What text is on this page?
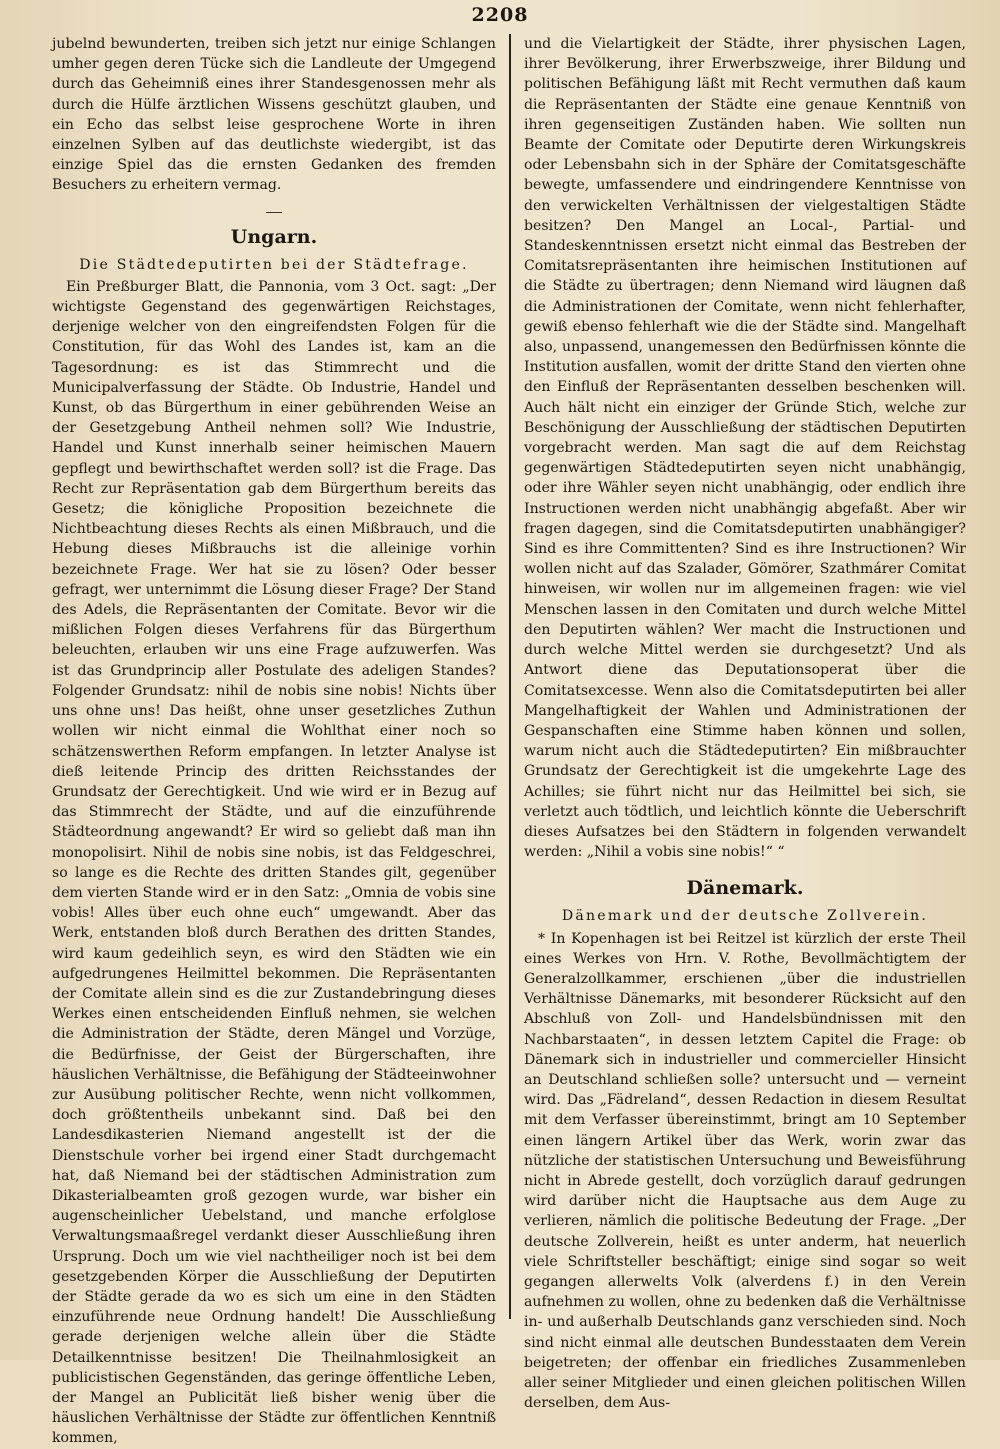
2208

jubelnd bewunderten, treiben sich jetzt nur einige Schlangen umher gegen deren Tücke sich die Landleute der Umgegend durch das Geheimniß eines ihrer Standesgenossen mehr als durch die Hülfe ärztlichen Wissens geschützt glauben, und ein Echo das selbst leise gesprochene Worte in ihren einzelnen Sylben auf das deutlichste wiedergibt, ist das einzige Spiel das die ernsten Gedanken des fremden Besuchers zu erheitern vermag.

Ungarn.
Die Städtedeputirten bei der Städtefrage.

Ein Preßburger Blatt, die Pannonia, vom 3 Oct. sagt: „Der wichtigste Gegenstand des gegenwärtigen Reichstages, derjenige welcher von den eingreifendsten Folgen für die Constitution, für das Wohl des Landes ist, kam an die Tagesordnung: es ist das Stimmrecht und die Municipalverfassung der Städte. Ob Industrie, Handel und Kunst, ob das Bürgerthum in einer gebührenden Weise an der Gesetzgebung Antheil nehmen soll? Wie Industrie, Handel und Kunst innerhalb seiner heimischen Mauern gepflegt und bewirthschaftet werden soll? ist die Frage. Das Recht zur Repräsentation gab dem Bürgerthum bereits das Gesetz; die königliche Proposition bezeichnete die Nichtbeachtung dieses Rechts als einen Mißbrauch, und die Hebung dieses Mißbrauchs ist die alleinige vorhin bezeichnete Frage. Wer hat sie zu lösen? Oder besser gefragt, wer unternimmt die Lösung dieser Frage? Der Stand des Adels, die Repräsentanten der Comitate. Bevor wir die mißlichen Folgen dieses Verfahrens für das Bürgerthum beleuchten, erlauben wir uns eine Frage aufzuwerfen. Was ist das Grundprincip aller Postulate des adeligen Standes? Folgender Grundsatz: nihil de nobis sine nobis! Nichts über uns ohne uns! Das heißt, ohne unser gesetzliches Zuthun wollen wir nicht einmal die Wohlthat einer noch so schätzenswerthen Reform empfangen. In letzter Analyse ist dieß leitende Princip des dritten Reichsstandes der Grundsatz der Gerechtigkeit. Und wie wird er in Bezug auf das Stimmrecht der Städte, und auf die einzuführende Städteordnung angewandt? Er wird so geliebt daß man ihn monopolisirt. Nihil de nobis sine nobis, ist das Feldgeschrei, so lange es die Rechte des dritten Standes gilt, gegenüber dem vierten Stande wird er in den Satz: „Omnia de vobis sine vobis! Alles über euch ohne euch“ umgewandt. Aber das Werk, entstanden bloß durch Berathen des dritten Standes, wird kaum gedeihlich seyn, es wird den Städten wie ein aufgedrungenes Heilmittel bekommen. Die Repräsentanten der Comitate allein sind es die zur Zustandebringung dieses Werkes einen entscheidenden Einfluß nehmen, sie welchen die Administration der Städte, deren Mängel und Vorzüge, die Bedürfnisse, der Geist der Bürgerschaften, ihre häuslichen Verhältnisse, die Befähigung der Städteeinwohner zur Ausübung politischer Rechte, wenn nicht vollkommen, doch größtentheils unbekannt sind. Daß bei den Landesdikasterien Niemand angestellt ist der die Dienstschule vorher bei irgend einer Stadt durchgemacht hat, daß Niemand bei der städtischen Administration zum Dikasterialbeamten groß gezogen wurde, war bisher ein augenscheinlicher Uebelstand, und manche erfolglose Verwaltungsmaaßregel verdankt dieser Ausschließung ihren Ursprung. Doch um wie viel nachtheiliger noch ist bei dem gesetzgebenden Körper die Ausschließung der Deputirten der Städte gerade da wo es sich um eine in den Städten einzuführende neue Ordnung handelt! Die Ausschließung gerade derjenigen welche allein über die Städte Detailkenntnisse besitzen! Die Theilnahmlosigkeit an publicistischen Gegenständen, das geringe öffentliche Leben, der Mangel an Publicität ließ bisher wenig über die häuslichen Verhältnisse der Städte zur öffentlichen Kenntniß kommen,

und die Vielartigkeit der Städte, ihrer physischen Lagen, ihrer Bevölkerung, ihrer Erwerbszweige, ihrer Bildung und politischen Befähigung läßt mit Recht vermuthen daß kaum die Repräsentanten der Städte eine genaue Kenntniß von ihren gegenseitigen Zuständen haben. Wie sollten nun Beamte der Comitate oder Deputirte deren Wirkungskreis oder Lebensbahn sich in der Sphäre der Comitatsgeschäfte bewegte, umfassendere und eindringendere Kenntnisse von den verwickelten Verhältnissen der vielgestaltigen Städte besitzen? Den Mangel an Local-, Partial- und Standeskenntnissen ersetzt nicht einmal das Bestreben der Comitatsrepräsentanten ihre heimischen Institutionen auf die Städte zu übertragen; denn Niemand wird läugnen daß die Administrationen der Comitate, wenn nicht fehlerhafter, gewiß ebenso fehlerhaft wie die der Städte sind. Mangelhaft also, unpassend, unangemessen den Bedürfnissen könnte die Institution ausfallen, womit der dritte Stand den vierten ohne den Einfluß der Repräsentanten desselben beschenken will. Auch hält nicht ein einziger der Gründe Stich, welche zur Beschönigung der Ausschließung der städtischen Deputirten vorgebracht werden. Man sagt die auf dem Reichstag gegenwärtigen Städtedeputirten seyen nicht unabhängig, oder ihre Wähler seyen nicht unabhängig, oder endlich ihre Instructionen werden nicht unabhängig abgefaßt. Aber wir fragen dagegen, sind die Comitatsdeputirten unabhängiger? Sind es ihre Committenten? Sind es ihre Instructionen? Wir wollen nicht auf das Szalader, Gömörer, Szathmárer Comitat hinweisen, wir wollen nur im allgemeinen fragen: wie viel Menschen lassen in den Comitaten und durch welche Mittel den Deputirten wählen? Wer macht die Instructionen und durch welche Mittel werden sie durchgesetzt? Und als Antwort diene das Deputationsoperat über die Comitatsexcesse. Wenn also die Comitatsdeputirten bei aller Mangelhaftigkeit der Wahlen und Administrationen der Gespanschaften eine Stimme haben können und sollen, warum nicht auch die Städtedeputirten? Ein mißbrauchter Grundsatz der Gerechtigkeit ist die umgekehrte Lage des Achilles; sie führt nicht nur das Heilmittel bei sich, sie verletzt auch tödtlich, und leichtlich könnte die Ueberschrift dieses Aufsatzes bei den Städtern in folgenden verwandelt werden: „Nihil a vobis sine nobis!“ “

Dänemark.
Dänemark und der deutsche Zollverein.

* In Kopenhagen ist bei Reitzel ist kürzlich der erste Theil eines Werkes von Hrn. V. Rothe, Bevollmächtigtem der Generalzollkammer, erschienen „über die industriellen Verhältnisse Dänemarks, mit besonderer Rücksicht auf den Abschluß von Zoll- und Handelsbündnissen mit den Nachbarstaaten“, in dessen letztem Capitel die Frage: ob Dänemark sich in industrieller und commercieller Hinsicht an Deutschland schließen solle? untersucht und — verneint wird. Das „Fädreland“, dessen Redaction in diesem Resultat mit dem Verfasser übereinstimmt, bringt am 10 September einen längern Artikel über das Werk, worin zwar das nützliche der statistischen Untersuchung und Beweisführung nicht in Abrede gestellt, doch vorzüglich darauf gedrungen wird darüber nicht die Hauptsache aus dem Auge zu verlieren, nämlich die politische Bedeutung der Frage. „Der deutsche Zollverein, heißt es unter anderm, hat neuerlich viele Schriftsteller beschäftigt; einige sind sogar so weit gegangen allerwelts Volk (alverdens f.) in den Verein aufnehmen zu wollen, ohne zu bedenken daß die Verhältnisse in- und außerhalb Deutschlands ganz verschieden sind. Noch sind nicht einmal alle deutschen Bundesstaaten dem Verein beigetreten; der offenbar ein friedliches Zusammenleben aller seiner Mitglieder und einen gleichen politischen Willen derselben, dem Aus-
